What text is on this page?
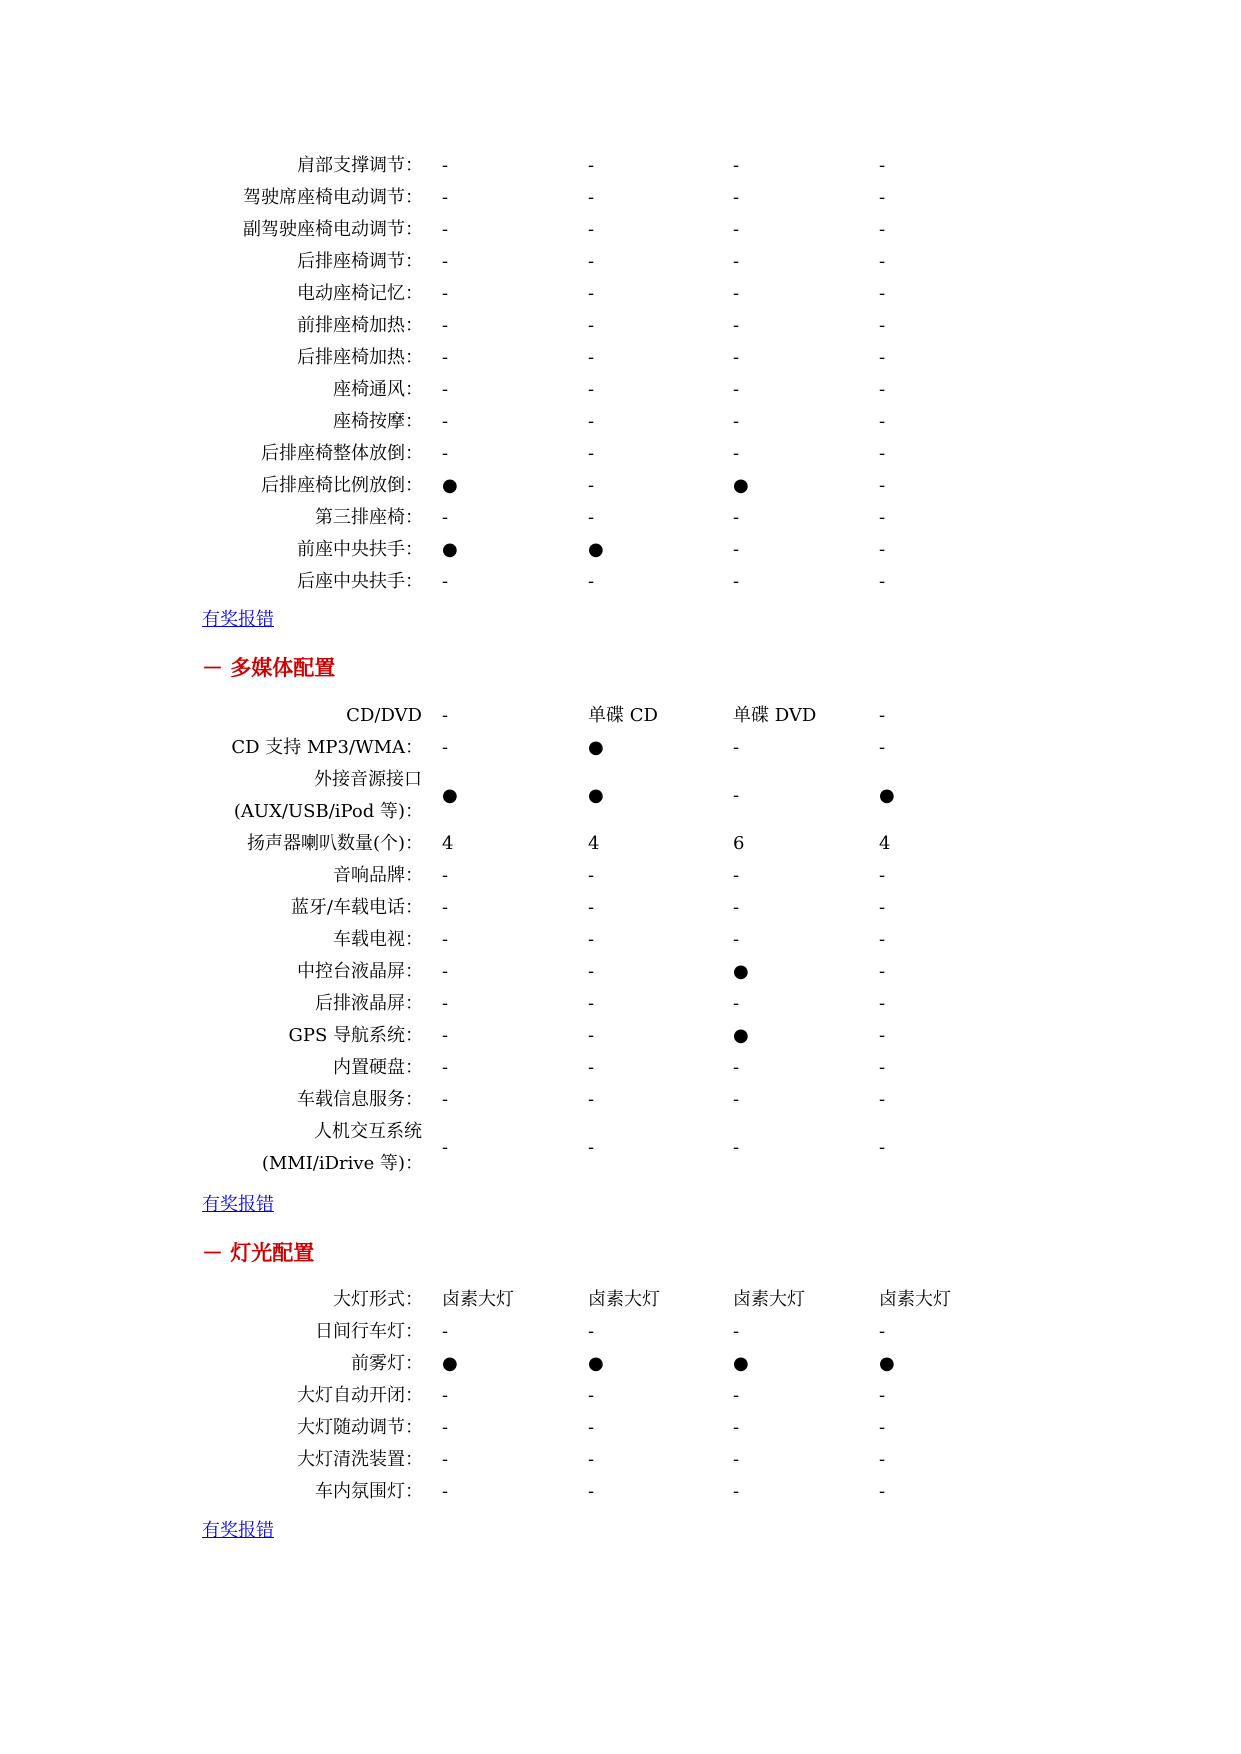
肩部支撑调节： -	-	-	-
驾驶席座椅电动调节： -	-	-	-
副驾驶座椅电动调节： -	-	-	-
后排座椅调节： -	-	-	-
电动座椅记忆： -	-	-	-
前排座椅加热： -	-	-	-
后排座椅加热： -	-	-	-
座椅通风： -	-	-	-
座椅按摩： -	-	-	-
后排座椅整体放倒： -	-	-	-
后排座椅比例放倒： ●	-	●	-
第三排座椅： -	-	-	-
前座中央扶手： ●	●	-	-
后座中央扶手： -	-	-	-
有奖报错
－ 多媒体配置
CD/DVD -	单碟 CD	单碟 DVD	-
CD 支持 MP3/WMA： -	●	-	-
外接音源接口
(AUX/USB/iPod 等)：
●	●	-	●
扬声器喇叭数量(个)： 4	4	6	4
音响品牌： -	-	-	-
蓝牙/车载电话： -	-	-	-
车载电视： -	-	-	-
中控台液晶屏： -	-	●	-
后排液晶屏： -	-	-	-
GPS 导航系统： -	-	●	-
内置硬盘： -	-	-	-
车载信息服务： -	-	-	-
人机交互系统
(MMI/iDrive 等)：
-	-	-	-
有奖报错
－ 灯光配置
大灯形式： 卤素大灯	卤素大灯	卤素大灯	卤素大灯
日间行车灯： -	-	-	-
前雾灯： ●	●	●	●
大灯自动开闭： -	-	-	-
大灯随动调节： -	-	-	-
大灯清洗装置： -	-	-	-
车内氛围灯： -	-	-	-
有奖报错
